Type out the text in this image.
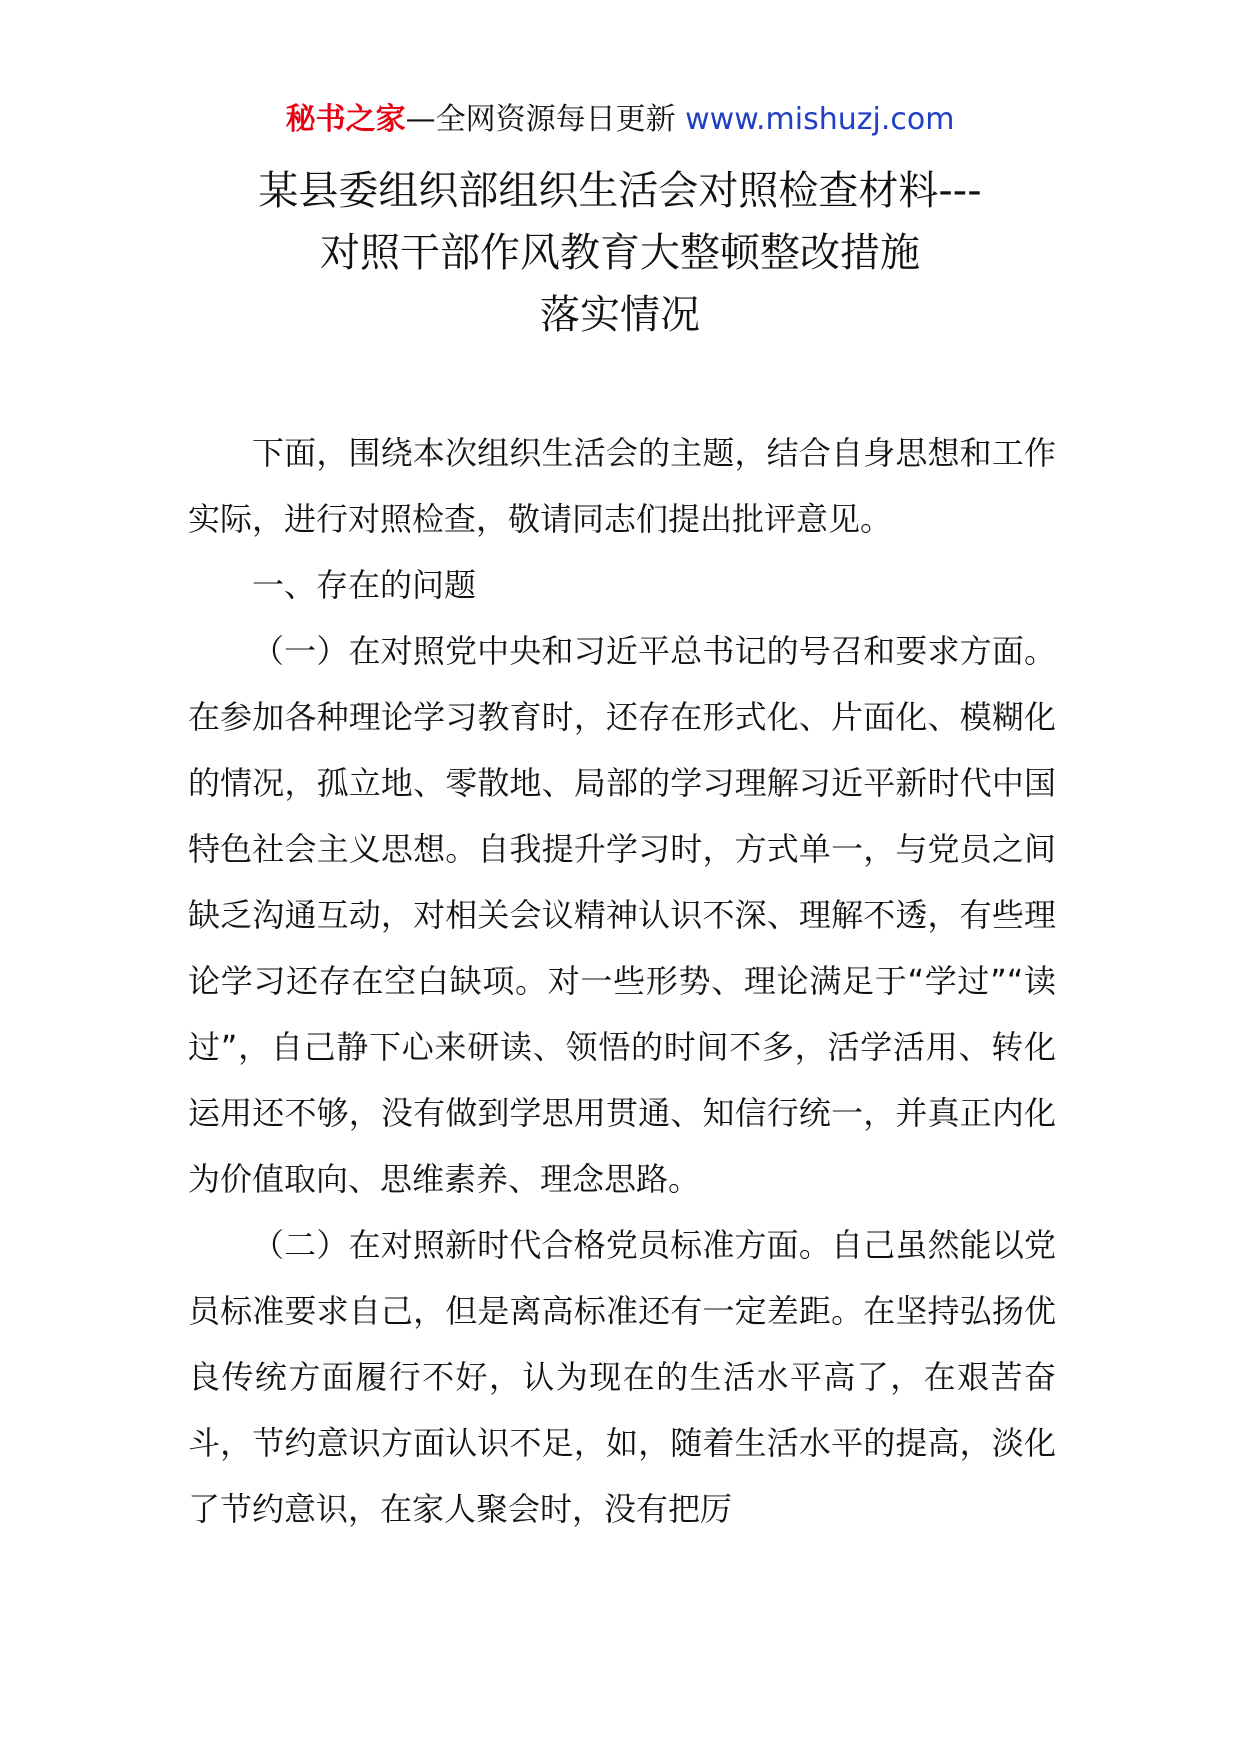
秘书之家—全网资源每日更新 www.mishuzj.com
某县委组织部组织生活会对照检查材料---
对照干部作风教育大整顿整改措施
落实情况

下面，围绕本次组织生活会的主题，结合自身思想和工作实际，进行对照检查，敬请同志们提出批评意见。

一、存在的问题

（一）在对照党中央和习近平总书记的号召和要求方面。在参加各种理论学习教育时，还存在形式化、片面化、模糊化的情况，孤立地、零散地、局部的学习理解习近平新时代中国特色社会主义思想。自我提升学习时，方式单一，与党员之间缺乏沟通互动，对相关会议精神认识不深、理解不透，有些理论学习还存在空白缺项。对一些形势、理论满足于“学过”“读过”，自己静下心来研读、领悟的时间不多，活学活用、转化运用还不够，没有做到学思用贯通、知信行统一，并真正内化为价值取向、思维素养、理念思路。

（二）在对照新时代合格党员标准方面。自己虽然能以党员标准要求自己，但是离高标准还有一定差距。在坚持弘扬优良传统方面履行不好，认为现在的生活水平高了，在艰苦奋斗，节约意识方面认识不足，如，随着生活水平的提高，淡化了节约意识，在家人聚会时，没有把厉
